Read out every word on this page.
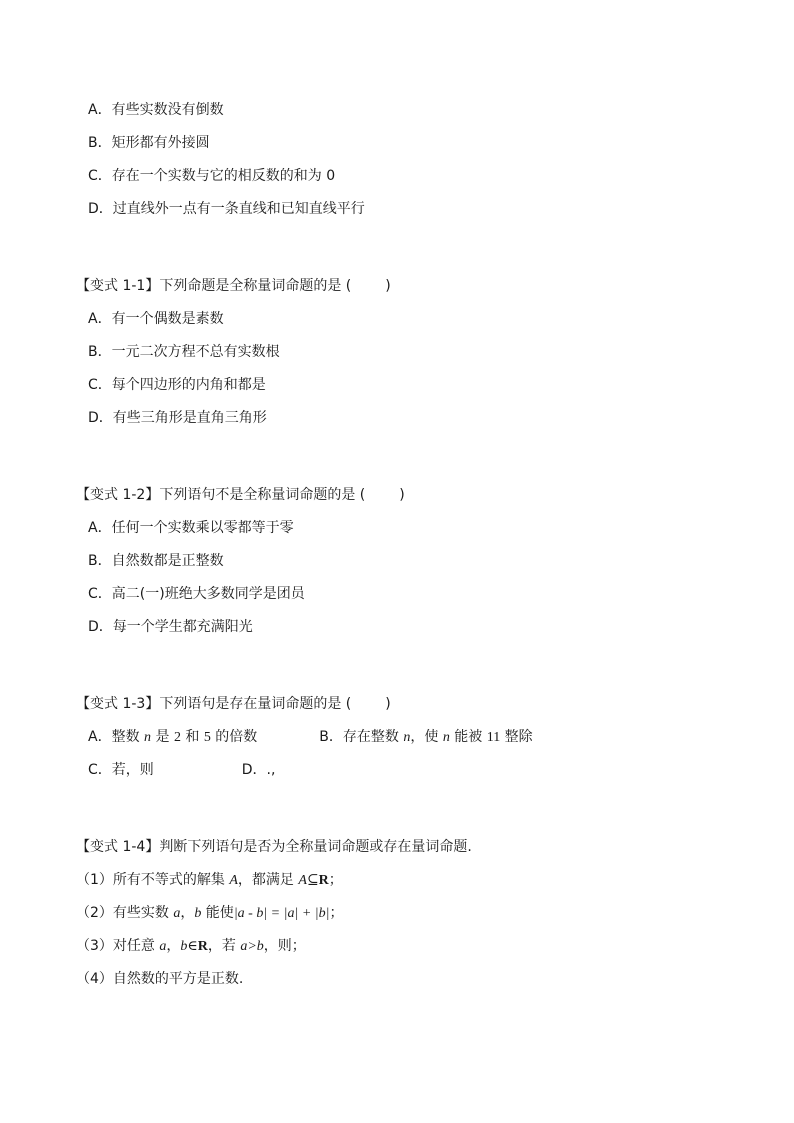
A．有些实数没有倒数
B．矩形都有外接圆
C．存在一个实数与它的相反数的和为 0
D．过直线外一点有一条直线和已知直线平行
【变式 1-1】下列命题是全称量词命题的是 ( )
A．有一个偶数是素数
B．一元二次方程不总有实数根
C．每个四边形的内角和都是
D．有些三角形是直角三角形
【变式 1-2】下列语句不是全称量词命题的是 ( )
A．任何一个实数乘以零都等于零
B．自然数都是正整数
C．高二(一)班绝大多数同学是团员
D．每一个学生都充满阳光
【变式 1-3】下列语句是存在量词命题的是 ( )
A．整数 n 是 2 和 5 的倍数	B．存在整数 n，使 n 能被 11 整除
C．若，则	D．.,
【变式 1-4】判断下列语句是否为全称量词命题或存在量词命题.
（1）所有不等式的解集 A，都满足 A⊆R；
（2）有些实数 a，b 能使|a - b| = |a| + |b|；
（3）对任意 a，b∈R，若 a>b，则；
（4）自然数的平方是正数.
